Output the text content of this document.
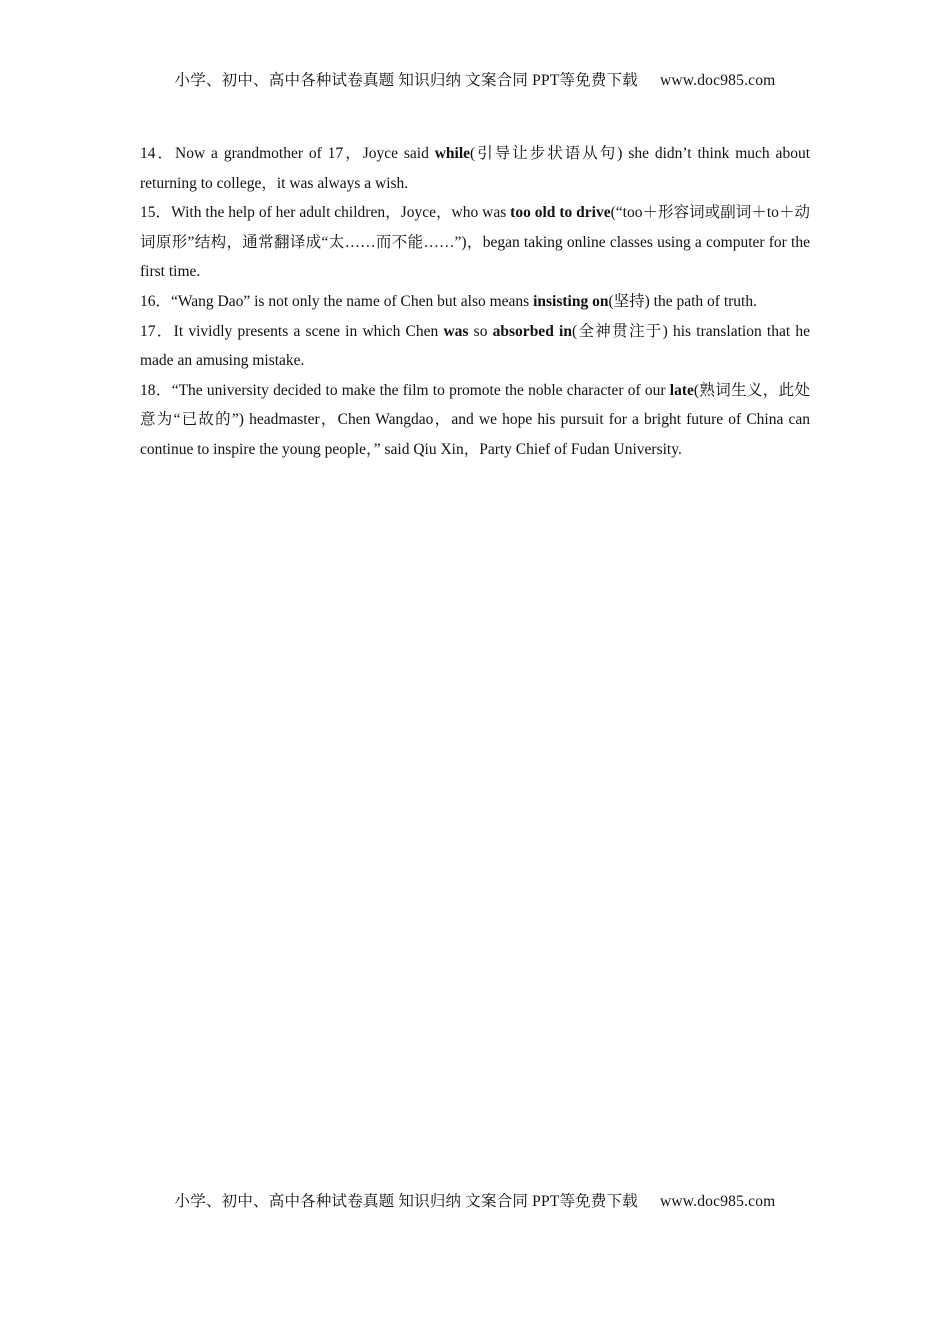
小学、初中、高中各种试卷真题 知识归纳 文案合同 PPT等免费下载 www.doc985.com

14．Now a grandmother of 17，Joyce said while(引导让步状语从句) she didn’t think much about returning to college，it was always a wish.

15．With the help of her adult children，Joyce，who was too old to drive(“too＋形容词或副词＋to＋动词原形”结构，通常翻译成“太……而不能……”)，began taking online classes using a computer for the first time.

16．“Wang Dao” is not only the name of Chen but also means insisting on(坚持) the path of truth.

17．It vividly presents a scene in which Chen was so absorbed in(全神贯注于) his translation that he made an amusing mistake.

18．“The university decided to make the film to promote the noble character of our late(熟词生义，此处意为“已故的”) headmaster，Chen Wangdao，and we hope his pursuit for a bright future of China can continue to inspire the young people，” said Qiu Xin，Party Chief of Fudan University.

小学、初中、高中各种试卷真题 知识归纳 文案合同 PPT等免费下载 www.doc985.com
